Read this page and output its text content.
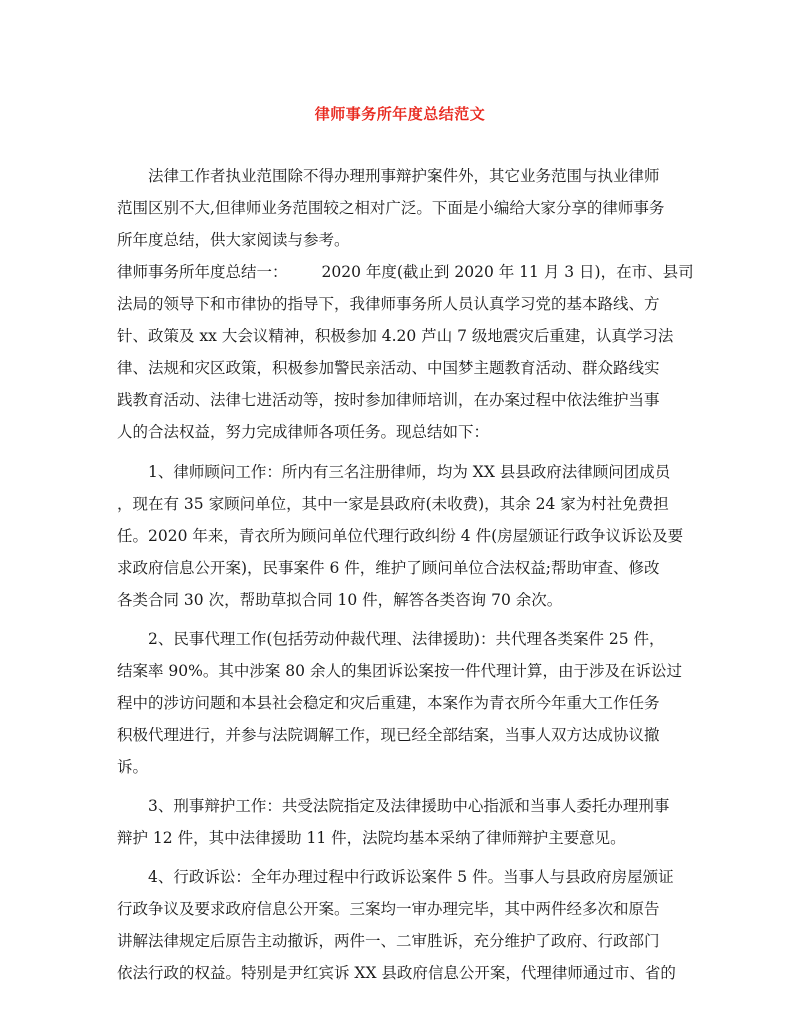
律师事务所年度总结范文
法律工作者执业范围除不得办理刑事辩护案件外，其它业务范围与执业律师
范围区别不大,但律师业务范围较之相对广泛。下面是小编给大家分享的律师事务
所年度总结，供大家阅读与参考。
律师事务所年度总结一： 2020 年度(截止到 2020 年 11 月 3 日)，在市、县司
法局的领导下和市律协的指导下，我律师事务所人员认真学习党的基本路线、方
针、政策及 xx 大会议精神，积极参加 4.20 芦山 7 级地震灾后重建，认真学习法
律、法规和灾区政策，积极参加警民亲活动、中国梦主题教育活动、群众路线实
践教育活动、法律七进活动等，按时参加律师培训，在办案过程中依法维护当事
人的合法权益，努力完成律师各项任务。现总结如下：
1、律师顾问工作：所内有三名注册律师，均为 XX 县县政府法律顾问团成员
，现在有 35 家顾问单位，其中一家是县政府(未收费)，其余 24 家为村社免费担
任。2020 年来，青衣所为顾问单位代理行政纠纷 4 件(房屋颁证行政争议诉讼及要
求政府信息公开案)，民事案件 6 件，维护了顾问单位合法权益;帮助审查、修改
各类合同 30 次，帮助草拟合同 10 件，解答各类咨询 70 余次。
2、民事代理工作(包括劳动仲裁代理、法律援助)：共代理各类案件 25 件，
结案率 90%。其中涉案 80 余人的集团诉讼案按一件代理计算，由于涉及在诉讼过
程中的涉访问题和本县社会稳定和灾后重建，本案作为青衣所今年重大工作任务
积极代理进行，并参与法院调解工作，现已经全部结案，当事人双方达成协议撤
诉。
3、刑事辩护工作：共受法院指定及法律援助中心指派和当事人委托办理刑事
辩护 12 件，其中法律援助 11 件，法院均基本采纳了律师辩护主要意见。
4、行政诉讼：全年办理过程中行政诉讼案件 5 件。当事人与县政府房屋颁证
行政争议及要求政府信息公开案。三案均一审办理完毕，其中两件经多次和原告
讲解法律规定后原告主动撤诉，两件一、二审胜诉，充分维护了政府、行政部门
依法行政的权益。特别是尹红宾诉 XX 县政府信息公开案，代理律师通过市、省的
